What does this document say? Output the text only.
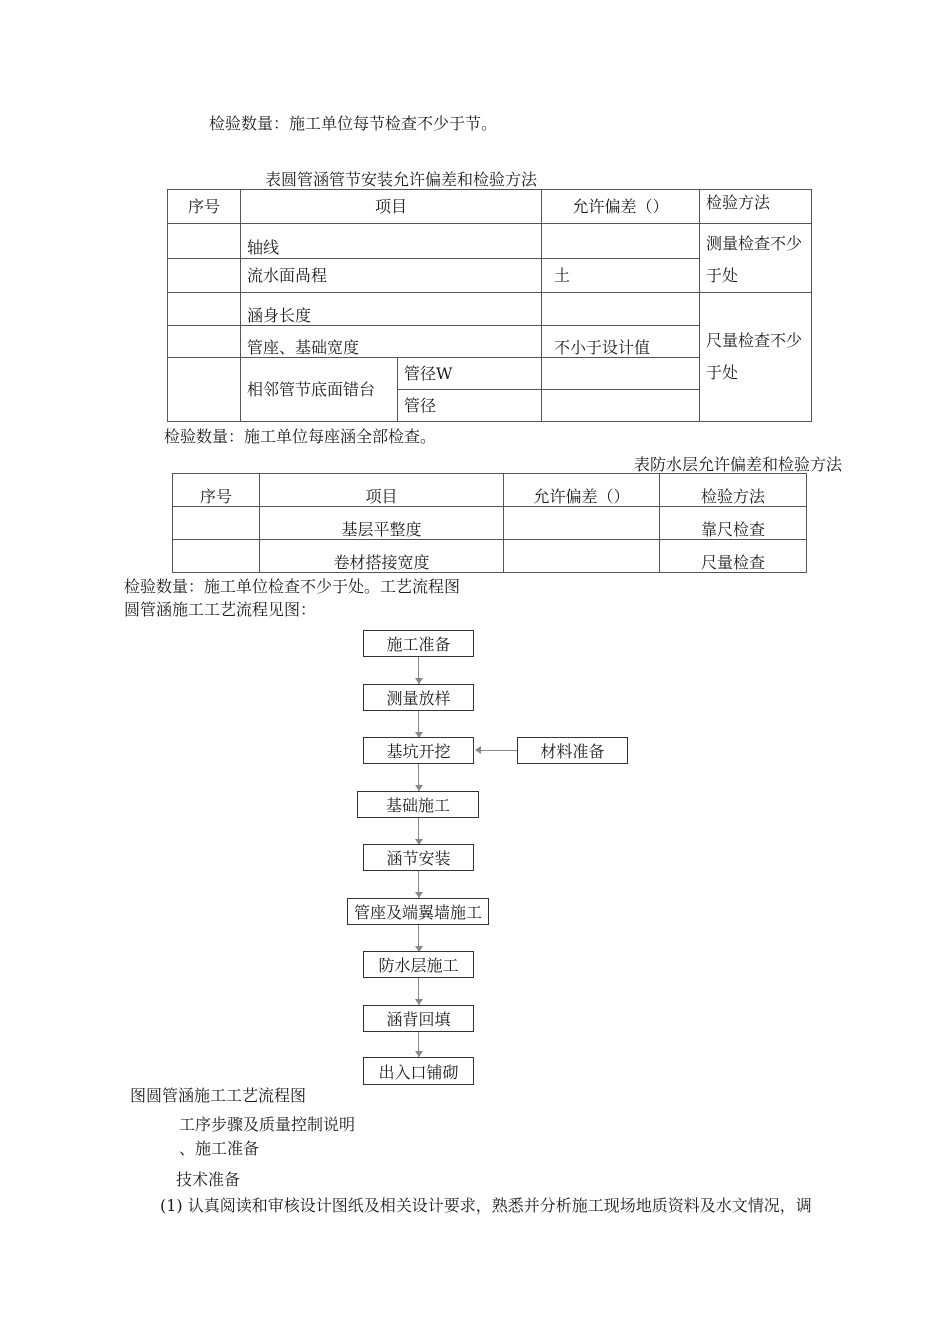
检验数量：施工单位每节检查不少于节。
表圆管涵管节安装允许偏差和检验方法
序号	项目		允许偏差（）	检验方法
	轴线			测量检查不少于处
	流水面咼程		土	
	涵身长度			尺量检查不少于处
	管座、基础宽度		不小于设计值	
	相邻管节底面错台	管径W		
		管径		
检验数量：施工单位每座涵全部检查。
表防水层允许偏差和检验方法
序号	项目	允许偏差（）	检验方法
	基层平整度		靠尺检查
	卷材搭接宽度		尺量检查
检验数量：施工单位检查不少于处。工艺流程图
圆管涵施工工艺流程见图：
施工准备
测量放样
基坑开挖	材料准备
基础施工
涵节安装
管座及端翼墙施工
防水层施工
涵背回填
出入口铺砌
图圆管涵施工工艺流程图
工序步骤及质量控制说明
、施工准备
技术准备
(1) 认真阅读和审核设计图纸及相关设计要求，熟悉并分析施工现场地质资料及水文情况，调
